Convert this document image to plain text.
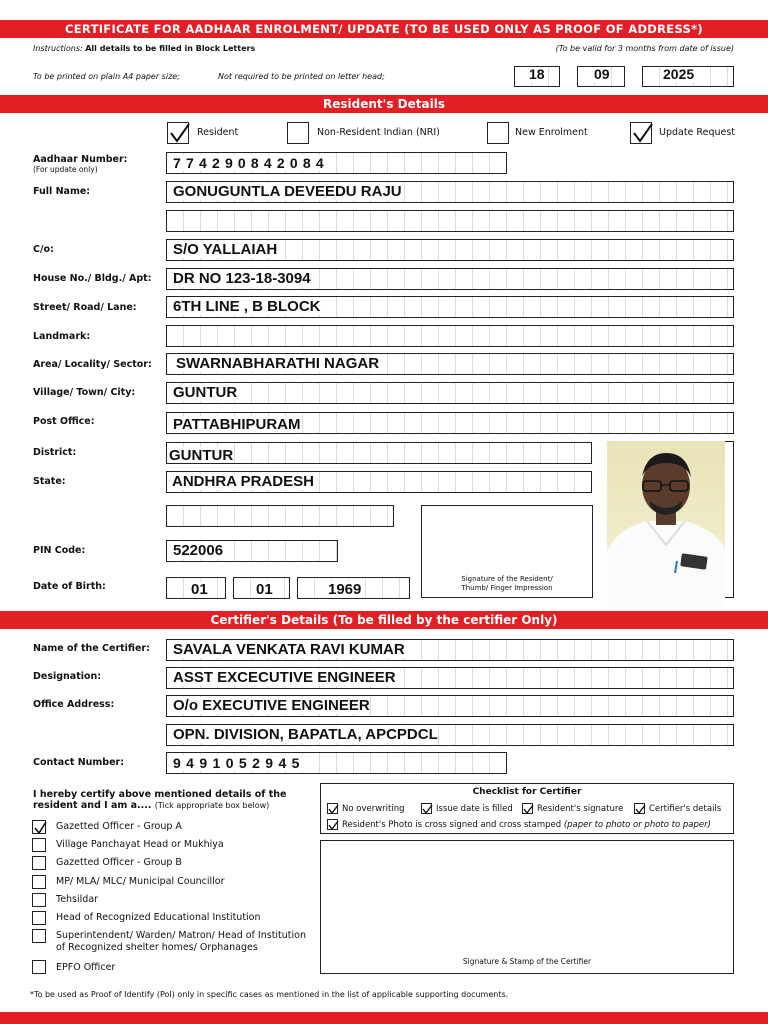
CERTIFICATE FOR AADHAAR ENROLMENT/ UPDATE (TO BE USED ONLY AS PROOF OF ADDRESS*)
Instructions: All details to be filled in Block Letters	(To be valid for 3 months from date of issue)
To be printed on plain A4 paper size;	Not required to be printed on letter head;	18	09	2025
Resident's Details
Resident	Non-Resident Indian (NRI)	New Enrolment	Update Request
Aadhaar Number:
(For update only)	774290842084
Full Name:	GONUGUNTLA DEVEEDU RAJU
C/o:	S/O YALLAIAH
House No./ Bldg./ Apt:	DR NO 123-18-3094
Street/ Road/ Lane:	6TH LINE , B BLOCK
Landmark:
Area/ Locality/ Sector:	SWARNABHARATHI NAGAR
Village/ Town/ City:	GUNTUR
Post Office:	PATTABHIPURAM
District:	GUNTUR
State:	ANDHRA PRADESH
PIN Code:	522006
Date of Birth:	01	01	1969
Signature of the Resident/ Thumb/ Finger Impression
Certifier's Details (To be filled by the certifier Only)
Name of the Certifier:	SAVALA VENKATA RAVI KUMAR
Designation:	ASST EXCECUTIVE ENGINEER
Office Address:	O/o EXECUTIVE ENGINEER
OPN. DIVISION, BAPATLA, APCPDCL
Contact Number:	9491052945
I hereby certify above mentioned details of the resident and I am a.... (Tick appropriate box below)
Gazetted Officer - Group A
Village Panchayat Head or Mukhiya
Gazetted Officer - Group B
MP/ MLA/ MLC/ Municipal Councillor
Tehsildar
Head of Recognized Educational Institution
Superintendent/ Warden/ Matron/ Head of Institution of Recognized shelter homes/ Orphanages
EPFO Officer
Checklist for Certifier
No overwriting	Issue date is filled	Resident's signature	Certifier's details
Resident's Photo is cross signed and cross stamped (paper to photo or photo to paper)
Signature & Stamp of the Certifier
*To be used as Proof of Identify (PoI) only in specific cases as mentioned in the list of applicable supporting documents.
